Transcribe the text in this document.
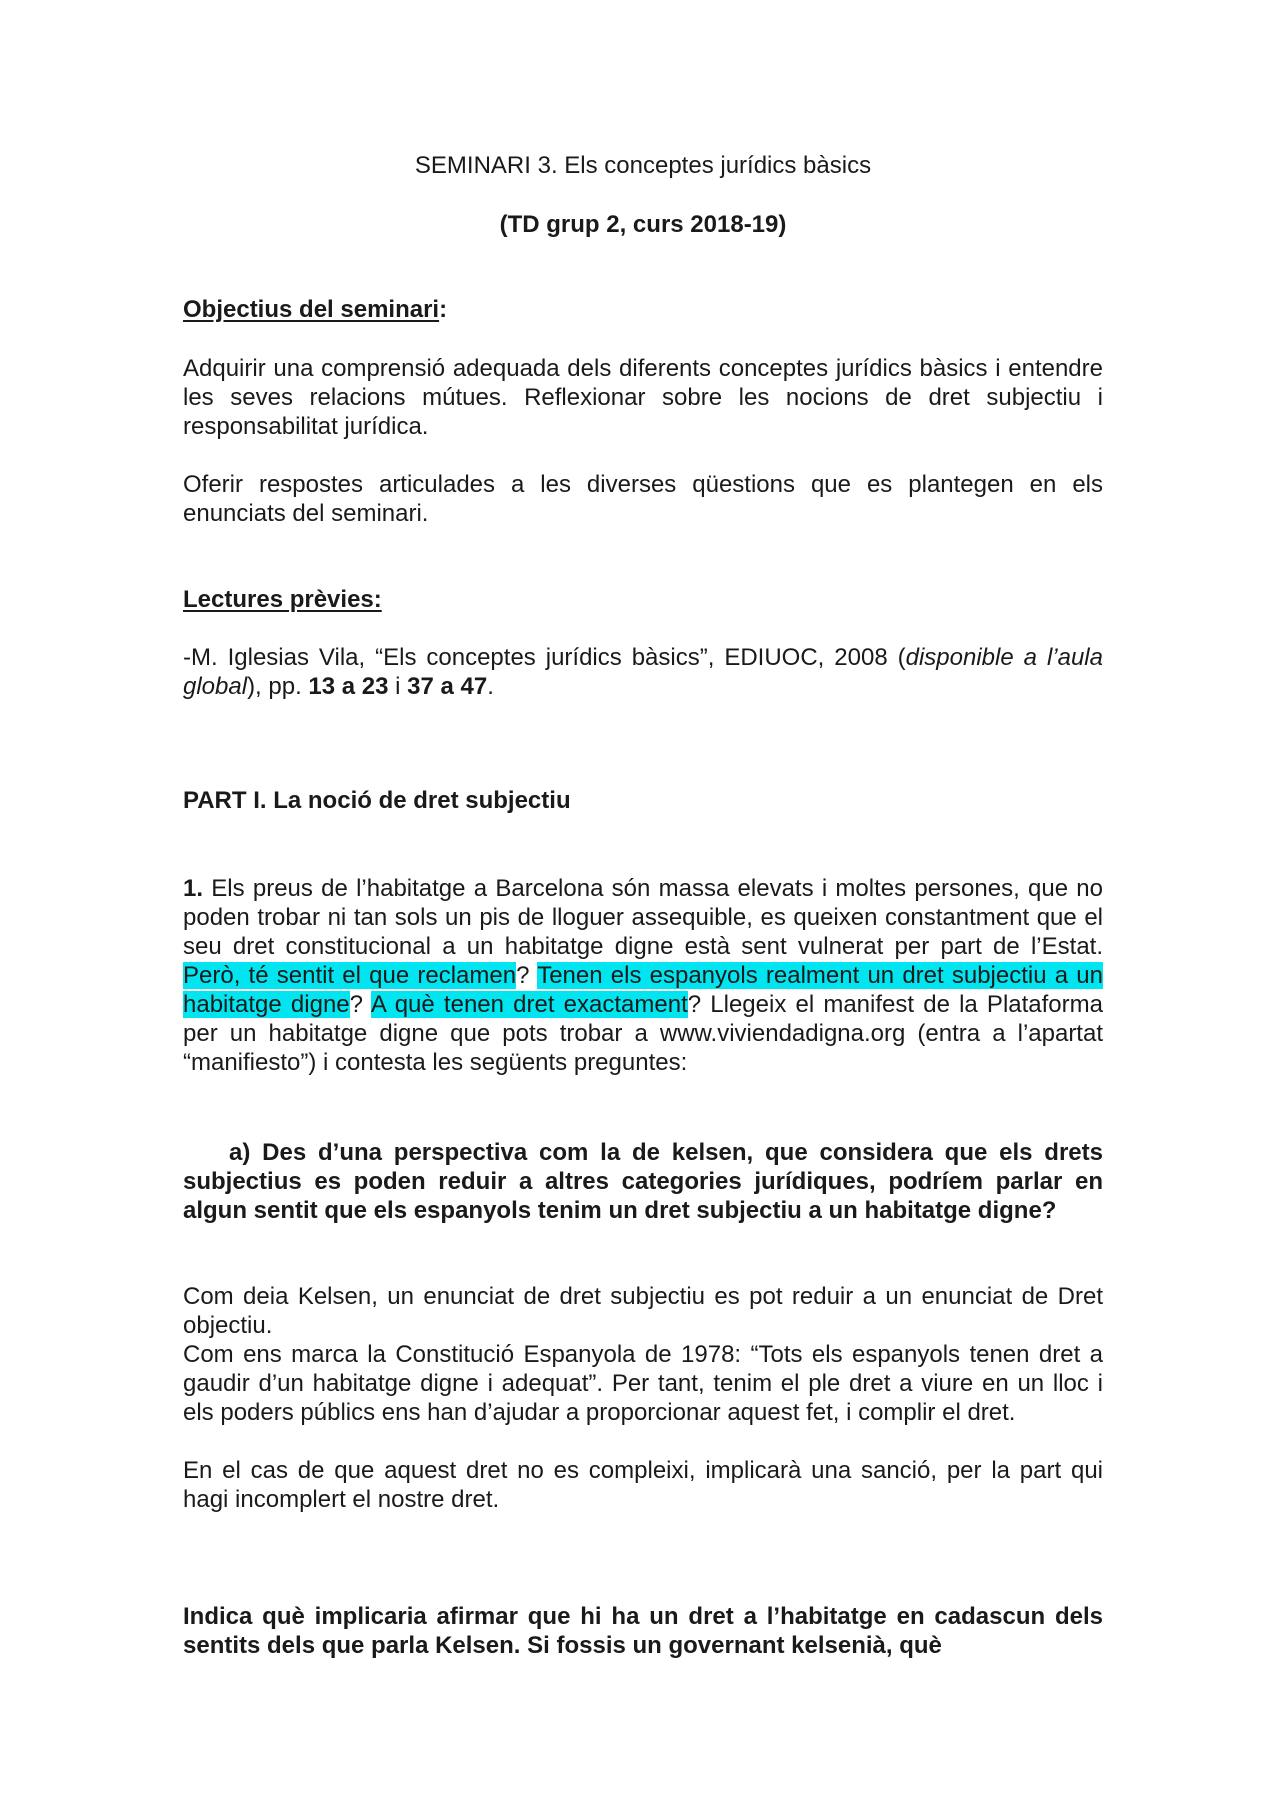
SEMINARI 3. Els conceptes jurídics bàsics
(TD grup 2, curs 2018-19)
Objectius del seminari:
Adquirir una comprensió adequada dels diferents conceptes jurídics bàsics i entendre les seves relacions mútues. Reflexionar sobre les nocions de dret subjectiu i responsabilitat jurídica.
Oferir respostes articulades a les diverses qüestions que es plantegen en els enunciats del seminari.
Lectures prèvies:
-M. Iglesias Vila, “Els conceptes jurídics bàsics”, EDIUOC, 2008 (disponible a l’aula global), pp. 13 a 23 i 37 a 47.
PART I. La noció de dret subjectiu
1. Els preus de l’habitatge a Barcelona són massa elevats i moltes persones, que no poden trobar ni tan sols un pis de lloguer assequible, es queixen constantment que el seu dret constitucional a un habitatge digne està sent vulnerat per part de l’Estat. Però, té sentit el que reclamen? Tenen els espanyols realment un dret subjectiu a un habitatge digne? A què tenen dret exactament? Llegeix el manifest de la Plataforma per un habitatge digne que pots trobar a www.viviendadigna.org (entra a l’apartat “manifiesto”) i contesta les següents preguntes:
a) Des d’una perspectiva com la de kelsen, que considera que els drets subjectius es poden reduir a altres categories jurídiques, podríem parlar en algun sentit que els espanyols tenim un dret subjectiu a un habitatge digne?
Com deia Kelsen, un enunciat de dret subjectiu es pot reduir a un enunciat de Dret objectiu.
Com ens marca la Constitució Espanyola de 1978: “Tots els espanyols tenen dret a gaudir d’un habitatge digne i adequat”. Per tant, tenim el ple dret a viure en un lloc i els poders públics ens han d’ajudar a proporcionar aquest fet, i complir el dret.
En el cas de que aquest dret no es compleixi, implicarà una sanció, per la part qui hagi incomplert el nostre dret.
Indica què implicaria afirmar que hi ha un dret a l’habitatge en cadascun dels sentits dels que parla Kelsen. Si fossis un governant kelsenià, què
